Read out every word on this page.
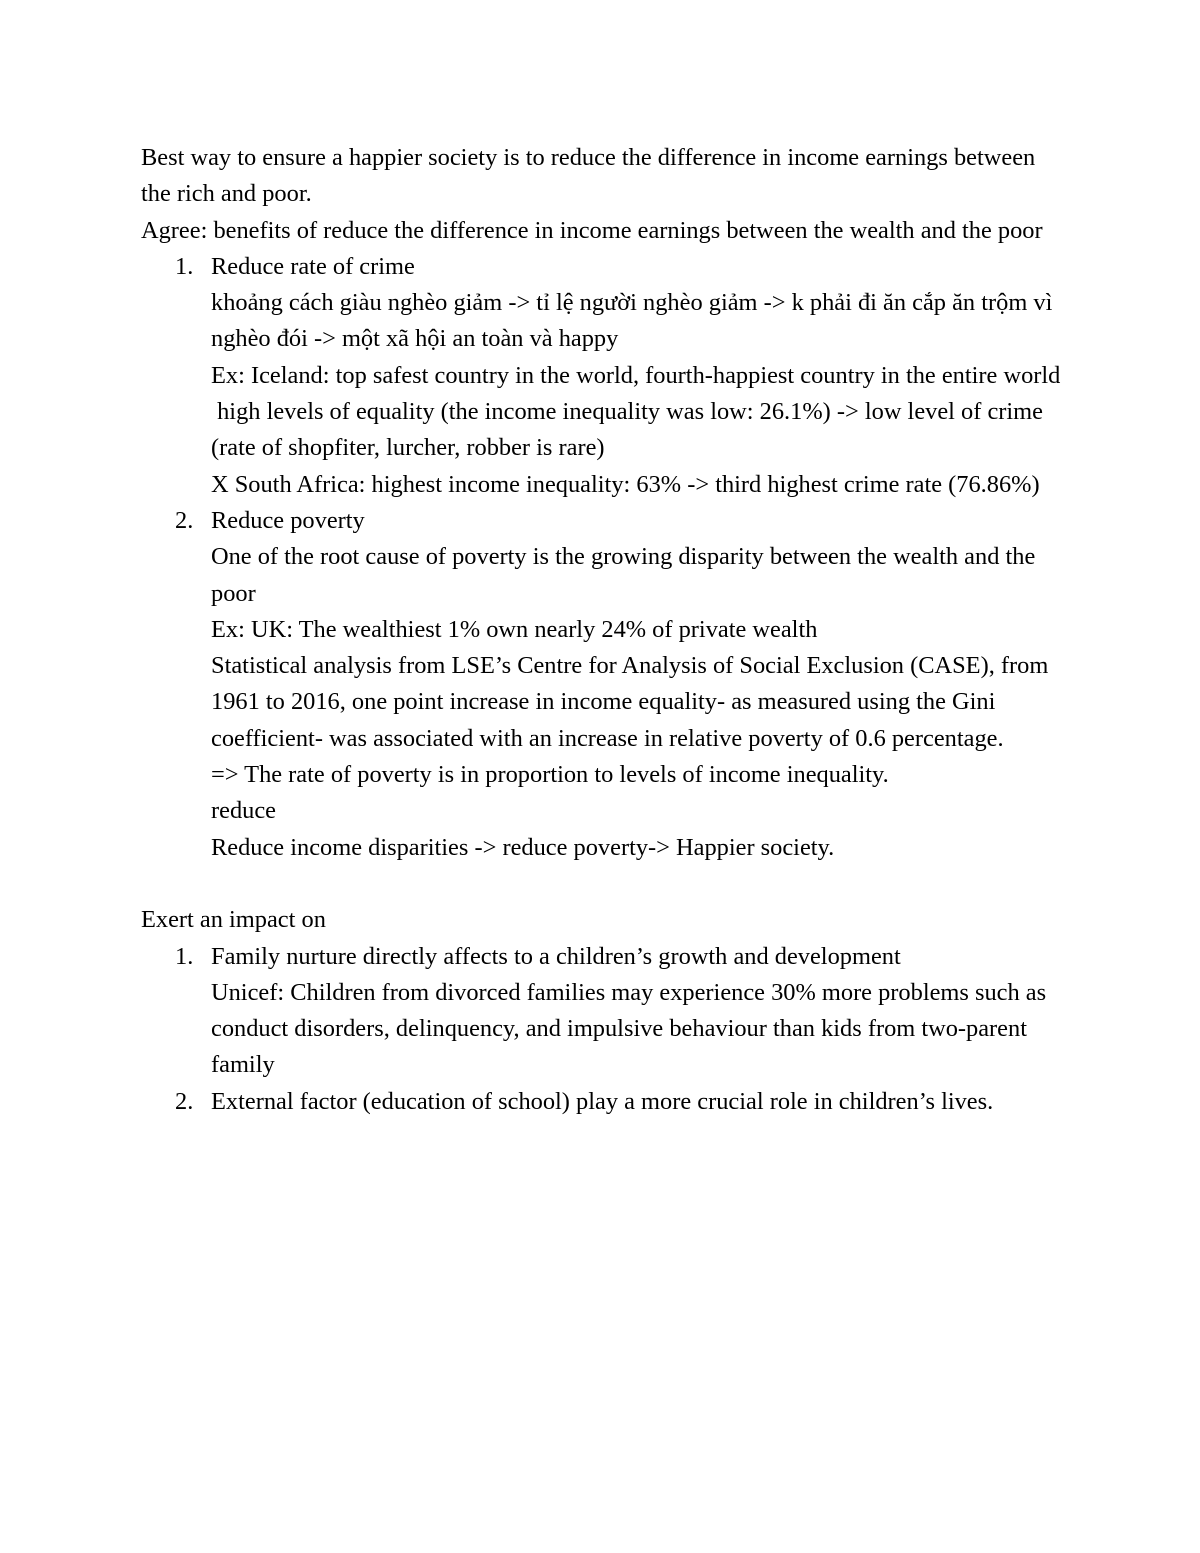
Best way to ensure a happier society is to reduce the difference in income earnings between the rich and poor.

Agree: benefits of reduce the difference in income earnings between the wealth and the poor

1. Reduce rate of crime
khoảng cách giàu nghèo giảm -> tỉ lệ người nghèo giảm -> k phải đi ăn cắp ăn trộm vì nghèo đói -> một xã hội an toàn và happy
Ex: Iceland: top safest country in the world, fourth-happiest country in the entire world
high levels of equality (the income inequality was low: 26.1%) -> low level of crime (rate of shopfiter, lurcher, robber is rare)
X South Africa: highest income inequality: 63% -> third highest crime rate (76.86%)
2. Reduce poverty
One of the root cause of poverty is the growing disparity between the wealth and the poor
Ex: UK: The wealthiest 1% own nearly 24% of private wealth
Statistical analysis from LSE’s Centre for Analysis of Social Exclusion (CASE), from 1961 to 2016, one point increase in income equality- as measured using the Gini coefficient- was associated with an increase in relative poverty of 0.6 percentage.
=> The rate of poverty is in proportion to levels of income inequality.
reduce
Reduce income disparities -> reduce poverty-> Happier society.

Exert an impact on

1. Family nurture directly affects to a children’s growth and development
Unicef: Children from divorced families may experience 30% more problems such as conduct disorders, delinquency, and impulsive behaviour than kids from two-parent family
2. External factor (education of school) play a more crucial role in children’s lives.
